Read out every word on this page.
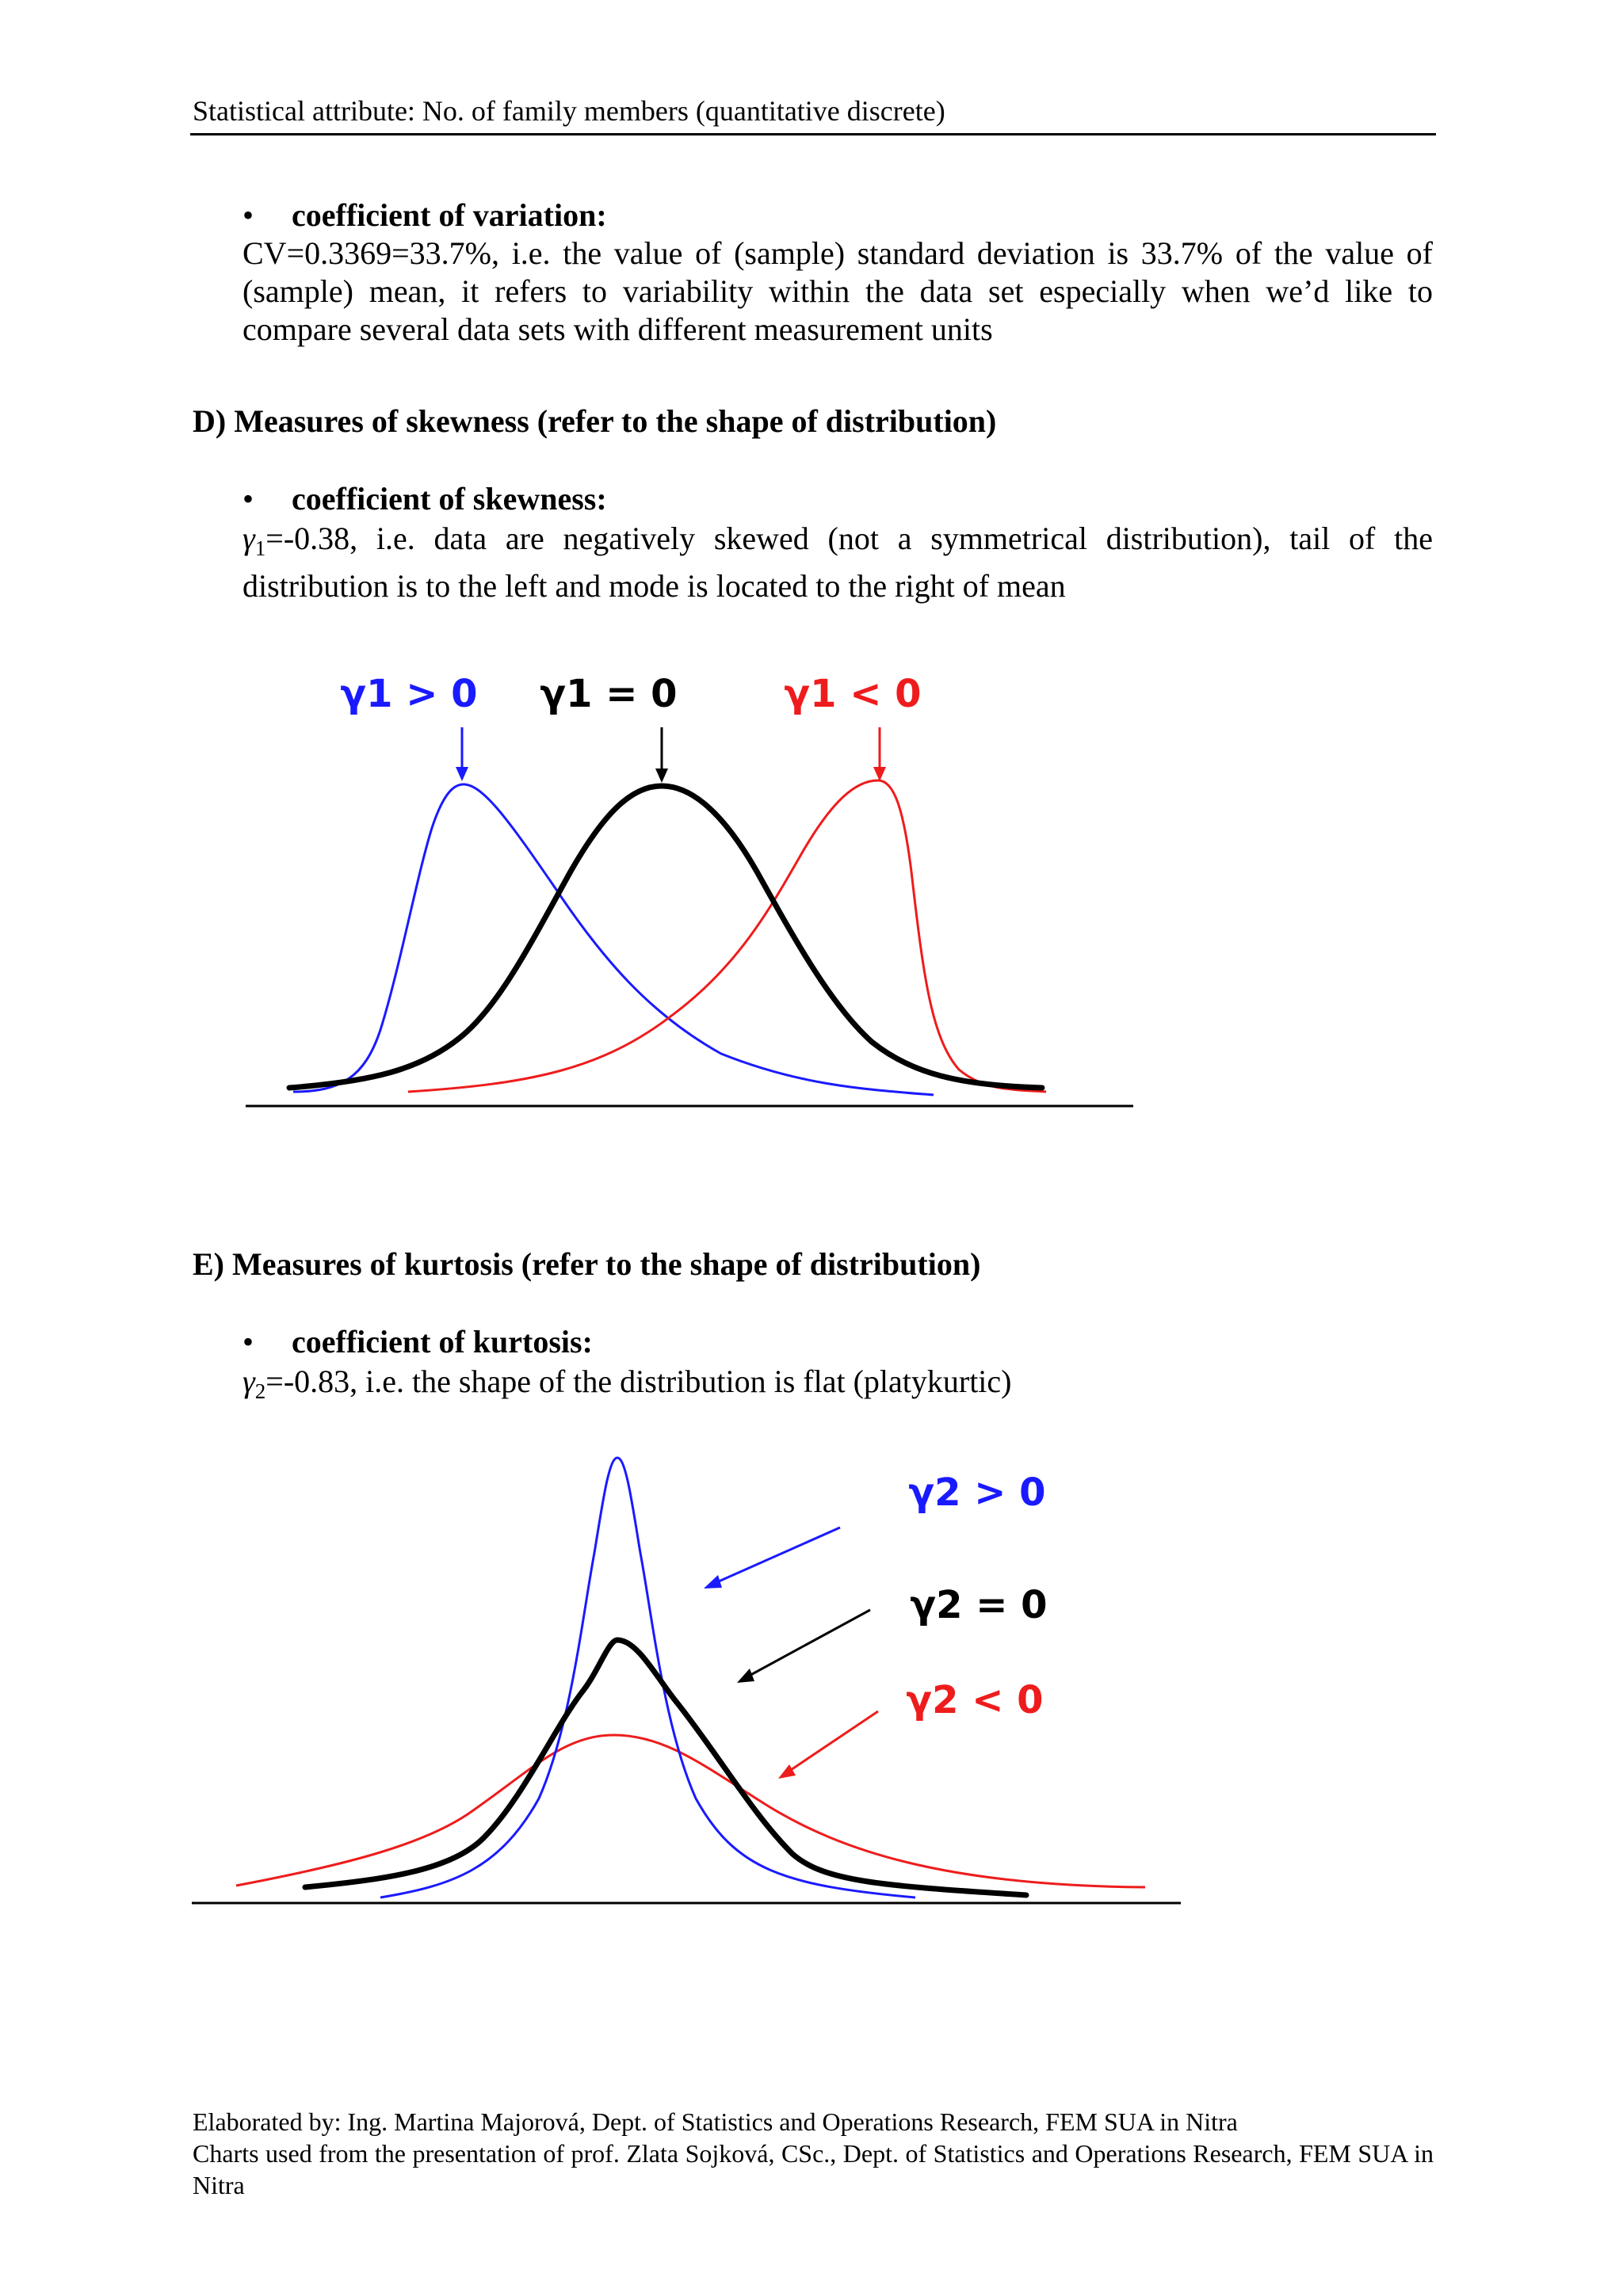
Statistical attribute: No. of family members (quantitative discrete)
•	coefficient of variation:
CV=0.3369=33.7%, i.e. the value of (sample) standard deviation is 33.7% of the value of (sample) mean, it refers to variability within the data set especially when we’d like to compare several data sets with different measurement units
D) Measures of skewness (refer to the shape of distribution)
•	coefficient of skewness:
$\gamma_1=-0.38$, i.e. data are negatively skewed (not a symmetrical distribution), tail of the distribution is to the left and mode is located to the right of mean
γ1 > 0 γ1 = 0	γ1 < 0
E) Measures of kurtosis (refer to the shape of distribution)
•	coefficient of kurtosis:
$\gamma_2=-0.83$, i.e. the shape of the distribution is flat (platykurtic)
γ2 > 0
γ2 = 0
γ2 < 0
Elaborated by: Ing. Martina Majorová, Dept. of Statistics and Operations Research, FEM SUA in Nitra
Charts used from the presentation of prof. Zlata Sojková, CSc., Dept. of Statistics and Operations Research, FEM SUA in Nitra
